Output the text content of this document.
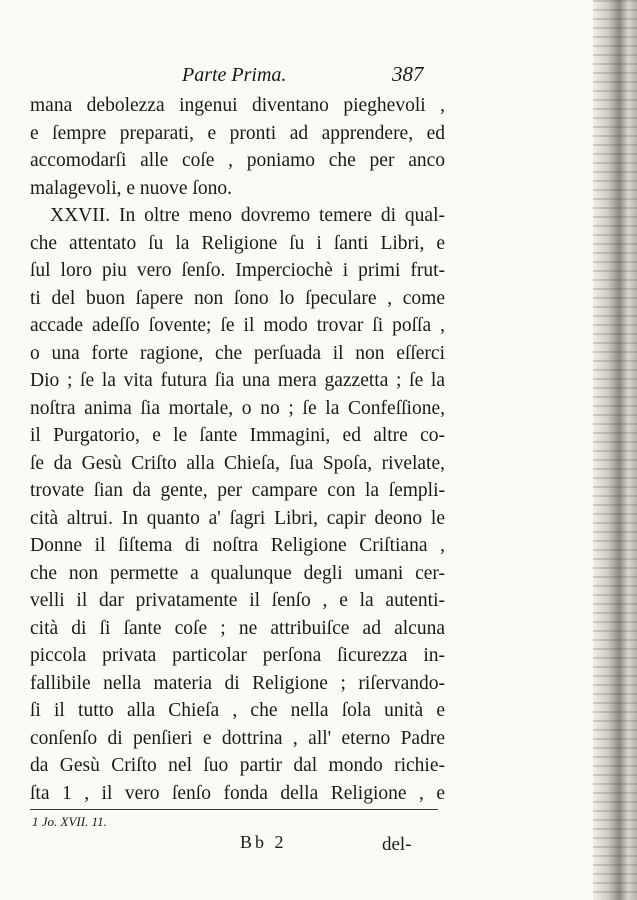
Parte Prima.	387
mana debolezza ingenui diventano pieghevoli ,
e ſempre preparati, e pronti ad apprendere, ed
accomodarſi alle coſe , poniamo che per anco
malagevoli, e nuove ſono.
XXVII. In oltre meno dovremo temere di qual-
che attentato ſu la Religione ſu i ſanti Libri, e
ſul loro piu vero ſenſo. Imperciochè i primi frut-
ti del buon ſapere non ſono lo ſpeculare , come
accade adeſſo ſovente; ſe il modo trovar ſi poſſa ,
o una forte ragione, che perſuada il non eſſerci
Dio ; ſe la vita futura ſia una mera gazzetta ; ſe la
noſtra anima ſia mortale, o no ; ſe la Confeſſione,
il Purgatorio, e le ſante Immagini, ed altre co-
ſe da Gesù Criſto alla Chieſa, ſua Spoſa, rivelate,
trovate ſian da gente, per campare con la ſempli-
cità altrui. In quanto a' ſagri Libri, capir deono le
Donne il ſiſtema di noſtra Religione Criſtiana ,
che non permette a qualunque degli umani cer-
velli il dar privatamente il ſenſo , e la autenti-
cità di ſi ſante coſe ; ne attribuiſce ad alcuna
piccola privata particolar perſona ſicurezza in-
fallibile nella materia di Religione ; riſervando-
ſi il tutto alla Chieſa , che nella ſola unità e
conſenſo di penſieri e dottrina , all' eterno Padre
da Gesù Criſto nel ſuo partir dal mondo richie-
ſta 1 , il vero ſenſo fonda della Religione , e
1 Jo. XVII. 11.
Bb 2	del-
